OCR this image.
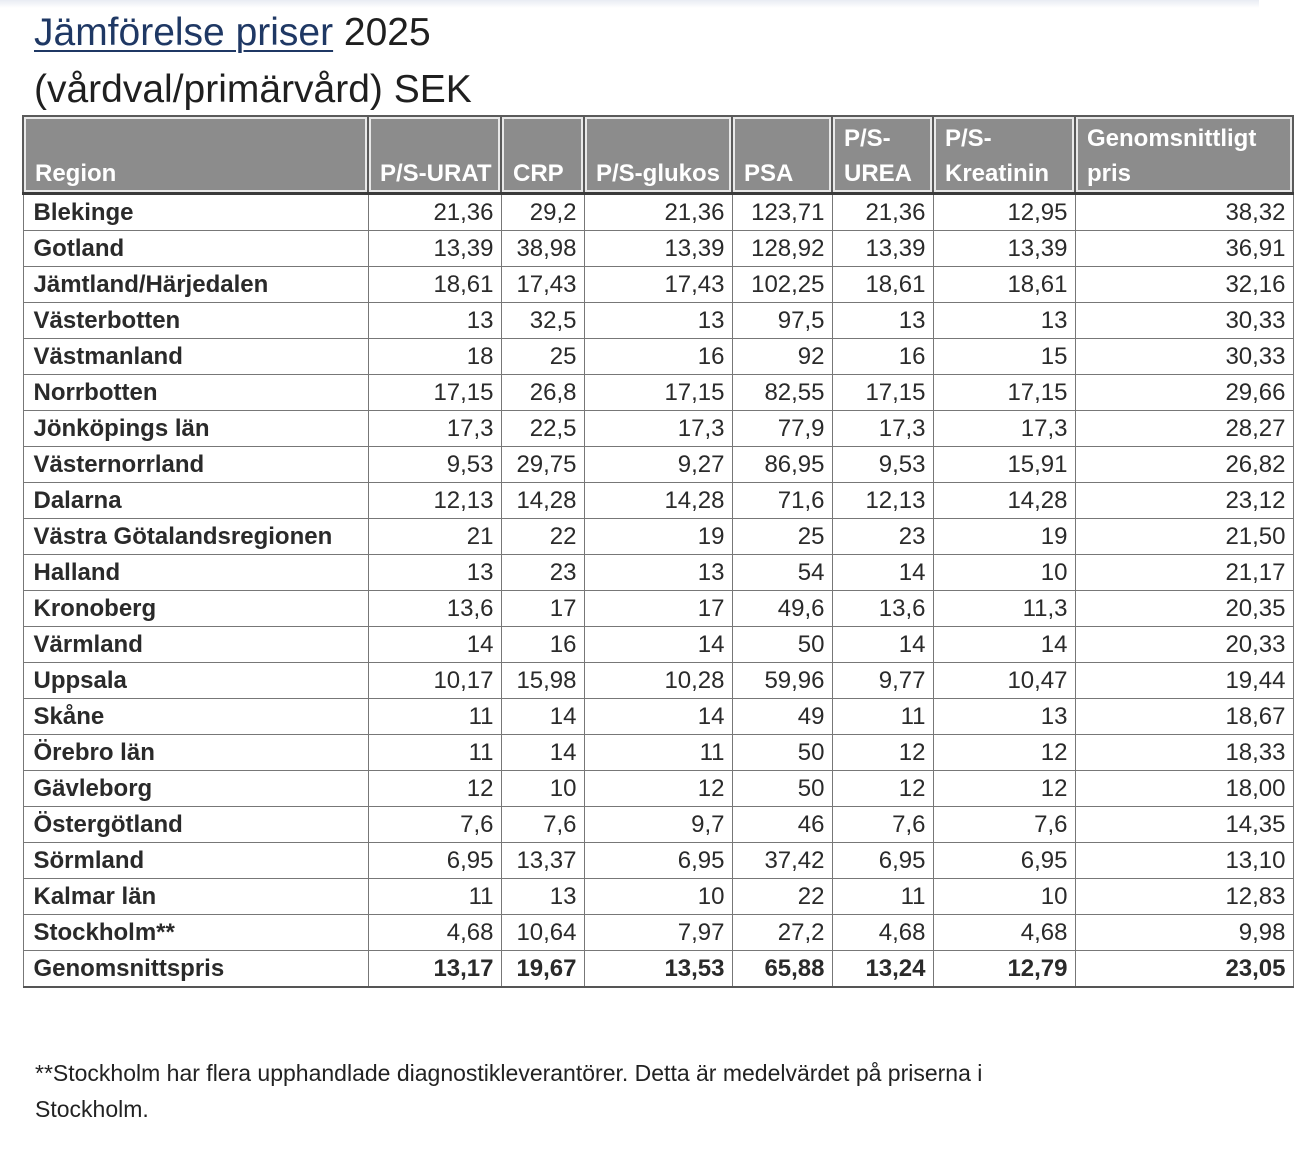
Jämförelse priser 2025
(vårdval/primärvård) SEK
Region	P/S-URAT	CRP	P/S-glukos	PSA	P/S-UREA	P/S-Kreatinin	Genomsnittligt pris
Blekinge	21,36	29,2	21,36	123,71	21,36	12,95	38,32
Gotland	13,39	38,98	13,39	128,92	13,39	13,39	36,91
Jämtland/Härjedalen	18,61	17,43	17,43	102,25	18,61	18,61	32,16
Västerbotten	13	32,5	13	97,5	13	13	30,33
Västmanland	18	25	16	92	16	15	30,33
Norrbotten	17,15	26,8	17,15	82,55	17,15	17,15	29,66
Jönköpings län	17,3	22,5	17,3	77,9	17,3	17,3	28,27
Västernorrland	9,53	29,75	9,27	86,95	9,53	15,91	26,82
Dalarna	12,13	14,28	14,28	71,6	12,13	14,28	23,12
Västra Götalandsregionen	21	22	19	25	23	19	21,50
Halland	13	23	13	54	14	10	21,17
Kronoberg	13,6	17	17	49,6	13,6	11,3	20,35
Värmland	14	16	14	50	14	14	20,33
Uppsala	10,17	15,98	10,28	59,96	9,77	10,47	19,44
Skåne	11	14	14	49	11	13	18,67
Örebro län	11	14	11	50	12	12	18,33
Gävleborg	12	10	12	50	12	12	18,00
Östergötland	7,6	7,6	9,7	46	7,6	7,6	14,35
Sörmland	6,95	13,37	6,95	37,42	6,95	6,95	13,10
Kalmar län	11	13	10	22	11	10	12,83
Stockholm**	4,68	10,64	7,97	27,2	4,68	4,68	9,98
Genomsnittspris	13,17	19,67	13,53	65,88	13,24	12,79	23,05
**Stockholm har flera upphandlade diagnostikleverantörer. Detta är medelvärdet på priserna i Stockholm.
